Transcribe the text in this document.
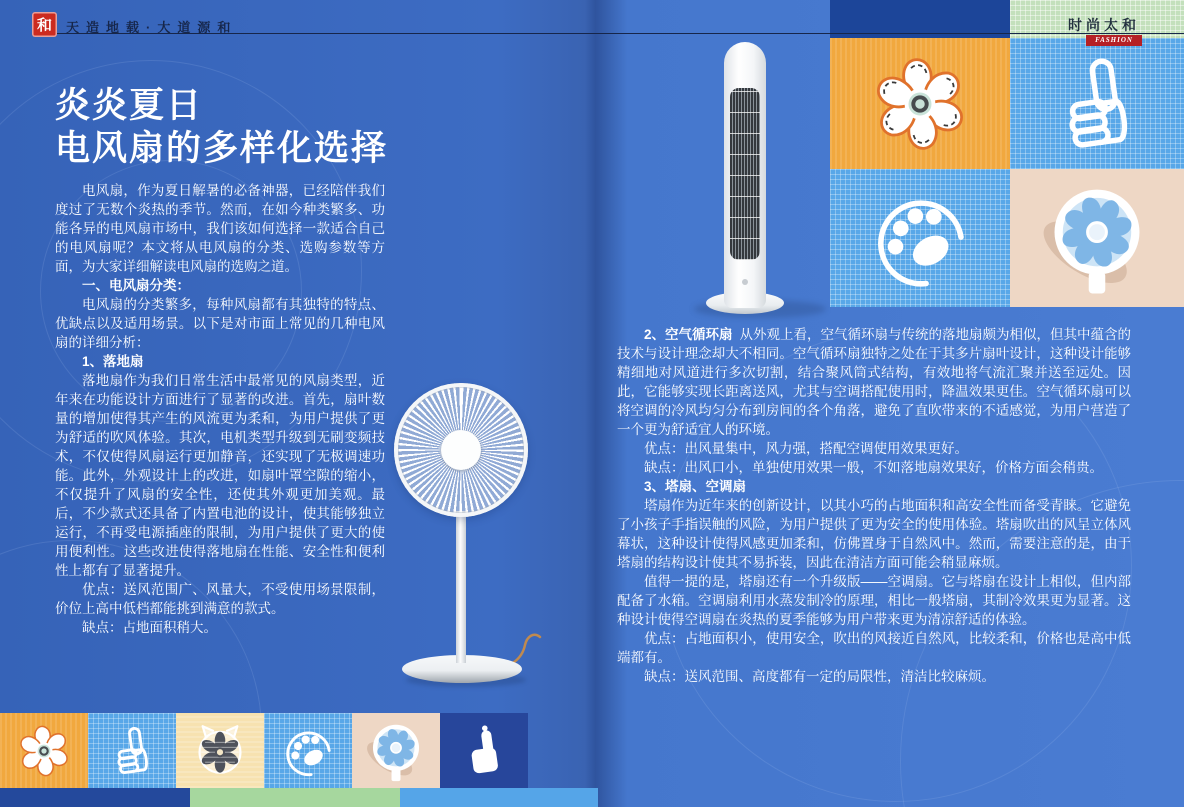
和 天造地载·大道源和	时尚太和
FASHION
炎炎夏日
电风扇的多样化选择

电风扇，作为夏日解暑的必备神器，已经陪伴我们度过了无数个炎热的季节。然而，在如今种类繁多、功能各异的电风扇市场中，我们该如何选择一款适合自己的电风扇呢？本文将从电风扇的分类、选购参数等方面，为大家详细解读电风扇的选购之道。

一、电风扇分类：

电风扇的分类繁多，每种风扇都有其独特的特点、优缺点以及适用场景。以下是对市面上常见的几种电风扇的详细分析：

1、落地扇

落地扇作为我们日常生活中最常见的风扇类型，近年来在功能设计方面进行了显著的改进。首先，扇叶数量的增加使得其产生的风流更为柔和，为用户提供了更为舒适的吹风体验。其次，电机类型升级到无刷变频技术，不仅使得风扇运行更加静音，还实现了无极调速功能。此外，外观设计上的改进，如扇叶罩空隙的缩小，不仅提升了风扇的安全性，还使其外观更加美观。最后，不少款式还具备了内置电池的设计，使其能够独立运行，不再受电源插座的限制，为用户提供了更大的使用便利性。这些改进使得落地扇在性能、安全性和便利性上都有了显著提升。

优点：送风范围广、风量大，不受使用场景限制，价位上高中低档都能挑到满意的款式。

缺点：占地面积稍大。

2、空气循环扇 从外观上看，空气循环扇与传统的落地扇颇为相似，但其中蕴含的技术与设计理念却大不相同。空气循环扇独特之处在于其多片扇叶设计，这种设计能够精细地对风道进行多次切割，结合聚风筒式结构，有效地将气流汇聚并送至远处。因此，它能够实现长距离送风，尤其与空调搭配使用时，降温效果更佳。空气循环扇可以将空调的冷风均匀分布到房间的各个角落，避免了直吹带来的不适感觉，为用户营造了一个更为舒适宜人的环境。

优点：出风量集中，风力强，搭配空调使用效果更好。

缺点：出风口小，单独使用效果一般，不如落地扇效果好，价格方面会稍贵。

3、塔扇、空调扇

塔扇作为近年来的创新设计，以其小巧的占地面积和高安全性而备受青睐。它避免了小孩子手指误触的风险，为用户提供了更为安全的使用体验。塔扇吹出的风呈立体风幕状，这种设计使得风感更加柔和，仿佛置身于自然风中。然而，需要注意的是，由于塔扇的结构设计使其不易拆装，因此在清洁方面可能会稍显麻烦。

值得一提的是，塔扇还有一个升级版——空调扇。它与塔扇在设计上相似，但内部配备了水箱。空调扇利用水蒸发制冷的原理，相比一般塔扇，其制冷效果更为显著。这种设计使得空调扇在炎热的夏季能够为用户带来更为清凉舒适的体验。

优点：占地面积小，使用安全，吹出的风接近自然风，比较柔和，价格也是高中低端都有。

缺点：送风范围、高度都有一定的局限性，清洁比较麻烦。
